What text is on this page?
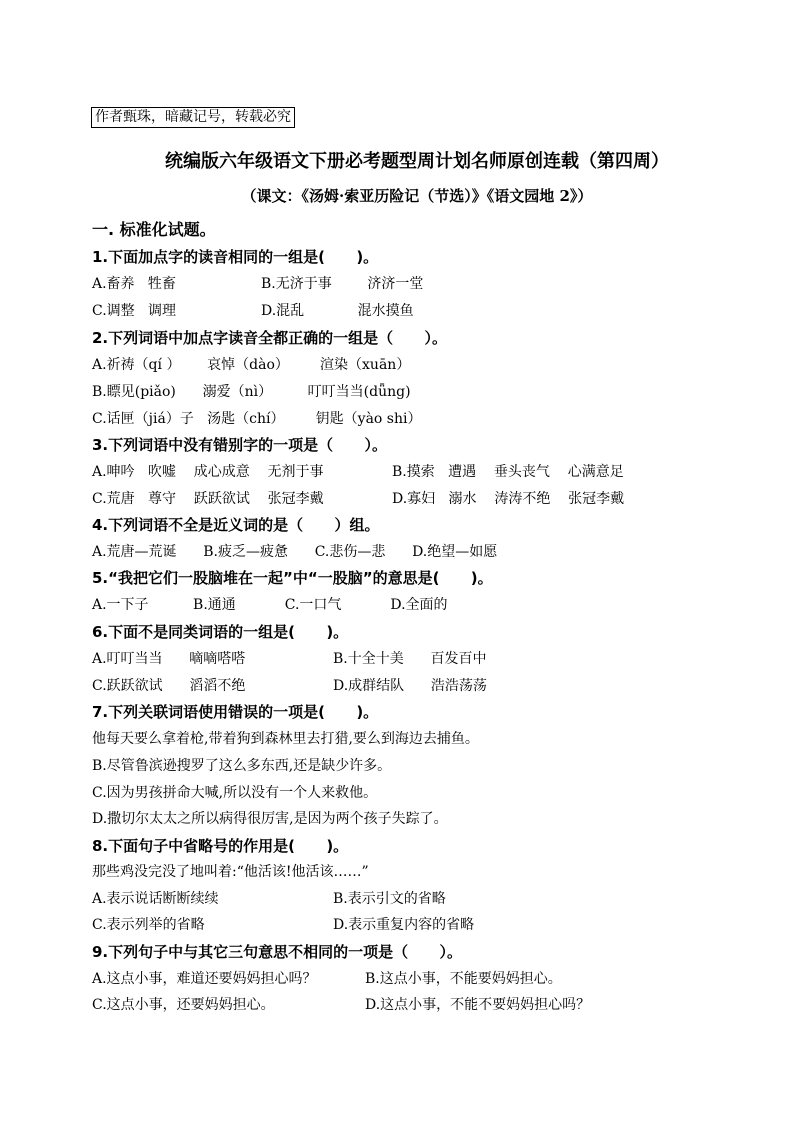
作者甄珠，暗藏记号，转载必究
统编版六年级语文下册必考题型周计划名师原创连载（第四周）
（课文：《汤姆·索亚历险记（节选）》《语文园地 2》）
一. 标准化试题。
1.下面加点字的读音相同的一组是(      )。
A.畜养   牲畜	B.无济于事        济济一堂
C.调整   调理	D.混乱            混水摸鱼
2.下列词语中加点字读音全都正确的一组是（      ）。
A.祈祷（qí ）      哀悼（dào）       渲染（xuān）
B.瞟见(piǎo)      溺爱（nì）        叮叮当当(dǖng)
C.话匣（jiá）子   汤匙（chí）       钥匙（yào shi）
3.下列词语中没有错别字的一项是（      ）。
A.呻吟   吹嘘    成心成意    无剂于事	B.摸索   遭遇    垂头丧气    心满意足
C.荒唐   尊守    跃跃欲试    张冠李戴	D.寡妇   溺水    涛涛不绝    张冠李戴
4.下列词语不全是近义词的是（      ）组。
A.荒唐—荒诞      B.疲乏—疲惫      C.悲伤—悲      D.绝望—如愿
5.“我把它们一股脑堆在一起”中“一股脑”的意思是(      )。
A.一下子          B.通通           C.一口气           D.全面的
6.下面不是同类词语的一组是(      )。
A.叮叮当当      嘀嘀嗒嗒	B.十全十美      百发百中
C.跃跃欲试      滔滔不绝	D.成群结队      浩浩荡荡
7.下列关联词语使用错误的一项是(      )。
他每天要么拿着枪,带着狗到森林里去打猎,要么到海边去捕鱼。
B.尽管鲁滨逊搜罗了这么多东西,还是缺少许多。
C.因为男孩拼命大喊,所以没有一个人来救他。
D.撒切尔太太之所以病得很厉害,是因为两个孩子失踪了。
8.下面句子中省略号的作用是(      )。
那些鸡没完没了地叫着:“他活该!他活该……”
A.表示说话断断续续	B.表示引文的省略
C.表示列举的省略	D.表示重复内容的省略
9.下列句子中与其它三句意思不相同的一项是（      ）。
A.这点小事，难道还要妈妈担心吗？	B.这点小事，不能要妈妈担心。
C.这点小事，还要妈妈担心。	D.这点小事，不能不要妈妈担心吗？
